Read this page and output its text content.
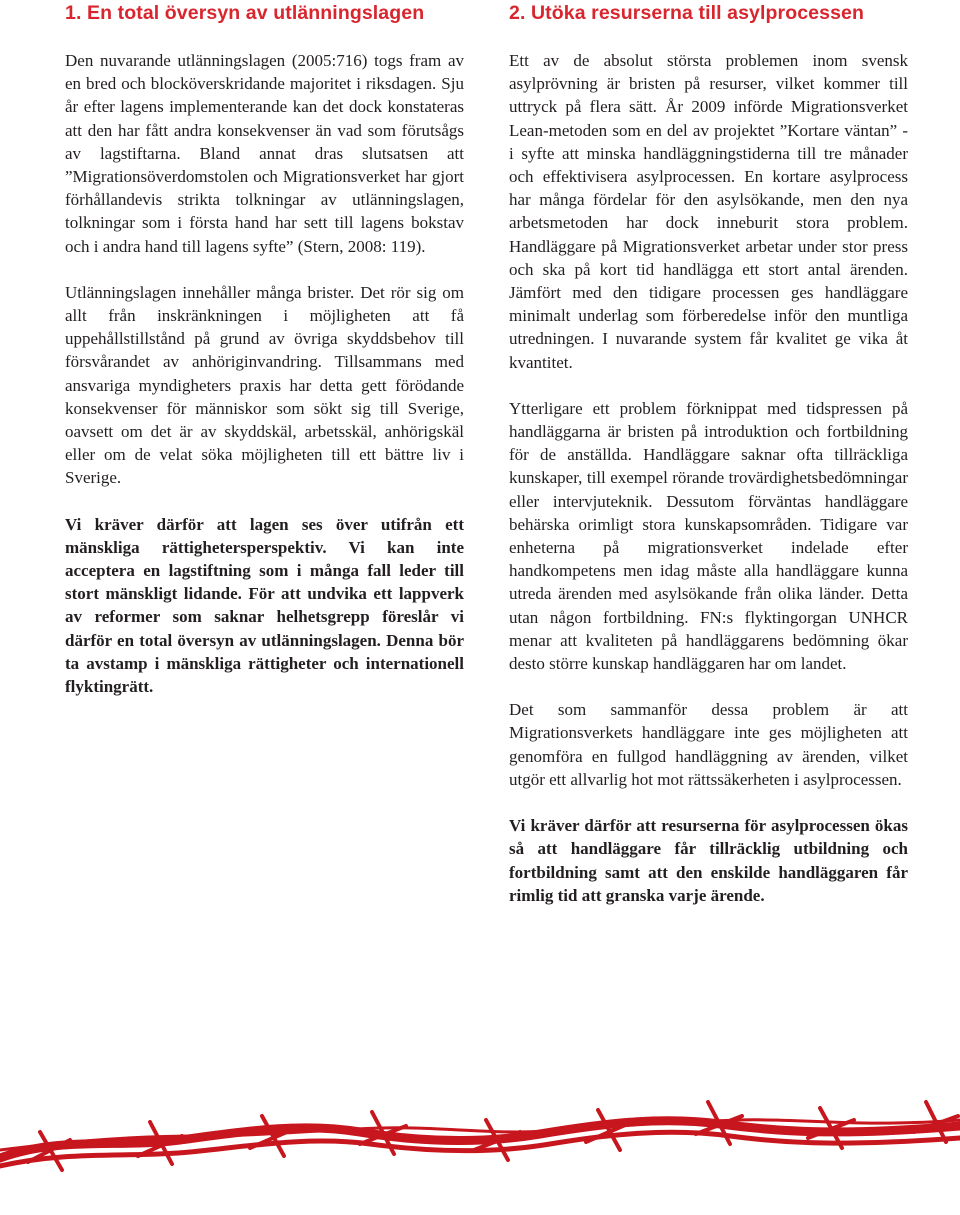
1. En total översyn av utlänningslagen

Den nuvarande utlänningslagen (2005:716) togs fram av en bred och blocköverskridande majoritet i riksdagen. Sju år efter lagens implementerande kan det dock konstateras att den har fått andra konsekvenser än vad som förutsågs av lagstiftarna. Bland annat dras slutsatsen att ”Migrationsöverdomstolen och Migrationsverket har gjort förhållandevis strikta tolkningar av utlänningslagen, tolkningar som i första hand har sett till lagens bokstav och i andra hand till lagens syfte” (Stern, 2008: 119).

Utlänningslagen innehåller många brister. Det rör sig om allt från inskränkningen i möjligheten att få uppehållstillstånd på grund av övriga skyddsbehov till försvårandet av anhöriginvandring. Tillsammans med ansvariga myndigheters praxis har detta gett förödande konsekvenser för människor som sökt sig till Sverige, oavsett om det är av skyddskäl, arbetsskäl, anhörigskäl eller om de velat söka möjligheten till ett bättre liv i Sverige.

Vi kräver därför att lagen ses över utifrån ett mänskliga rättighetersperspektiv. Vi kan inte acceptera en lagstiftning som i många fall leder till stort mänskligt lidande. För att undvika ett lappverk av reformer som saknar helhetsgrepp föreslår vi därför en total översyn av utlänningslagen. Denna bör ta avstamp i mänskliga rättigheter och internationell flyktingrätt.

2. Utöka resurserna till asylprocessen

Ett av de absolut största problemen inom svensk asylprövning är bristen på resurser, vilket kommer till uttryck på flera sätt. År 2009 införde Migrationsverket Lean-metoden som en del av projektet ”Kortare väntan” - i syfte att minska handläggningstiderna till tre månader och effektivisera asylprocessen. En kortare asylprocess har många fördelar för den asylsökande, men den nya arbetsmetoden har dock inneburit stora problem. Handläggare på Migrationsverket arbetar under stor press och ska på kort tid handlägga ett stort antal ärenden. Jämfört med den tidigare processen ges handläggare minimalt underlag som förberedelse inför den muntliga utredningen. I nuvarande system får kvalitet ge vika åt kvantitet.

Ytterligare ett problem förknippat med tidspressen på handläggarna är bristen på introduktion och fortbildning för de anställda. Handläggare saknar ofta tillräckliga kunskaper, till exempel rörande trovärdighetsbedömningar eller intervjuteknik. Dessutom förväntas handläggare behärska orimligt stora kunskapsområden. Tidigare var enheterna på migrationsverket indelade efter handkompetens men idag måste alla handläggare kunna utreda ärenden med asylsökande från olika länder. Detta utan någon fortbildning. FN:s flyktingorgan UNHCR menar att kvaliteten på handläggarens bedömning ökar desto större kunskap handläggaren har om landet.

Det som sammanför dessa problem är att Migrationsverkets handläggare inte ges möjligheten att genomföra en fullgod handläggning av ärenden, vilket utgör ett allvarlig hot mot rättssäkerheten i asylprocessen.

Vi kräver därför att resurserna för asylprocessen ökas så att handläggare får tillräcklig utbildning och fortbildning samt att den enskilde handläggaren får rimlig tid att granska varje ärende.
